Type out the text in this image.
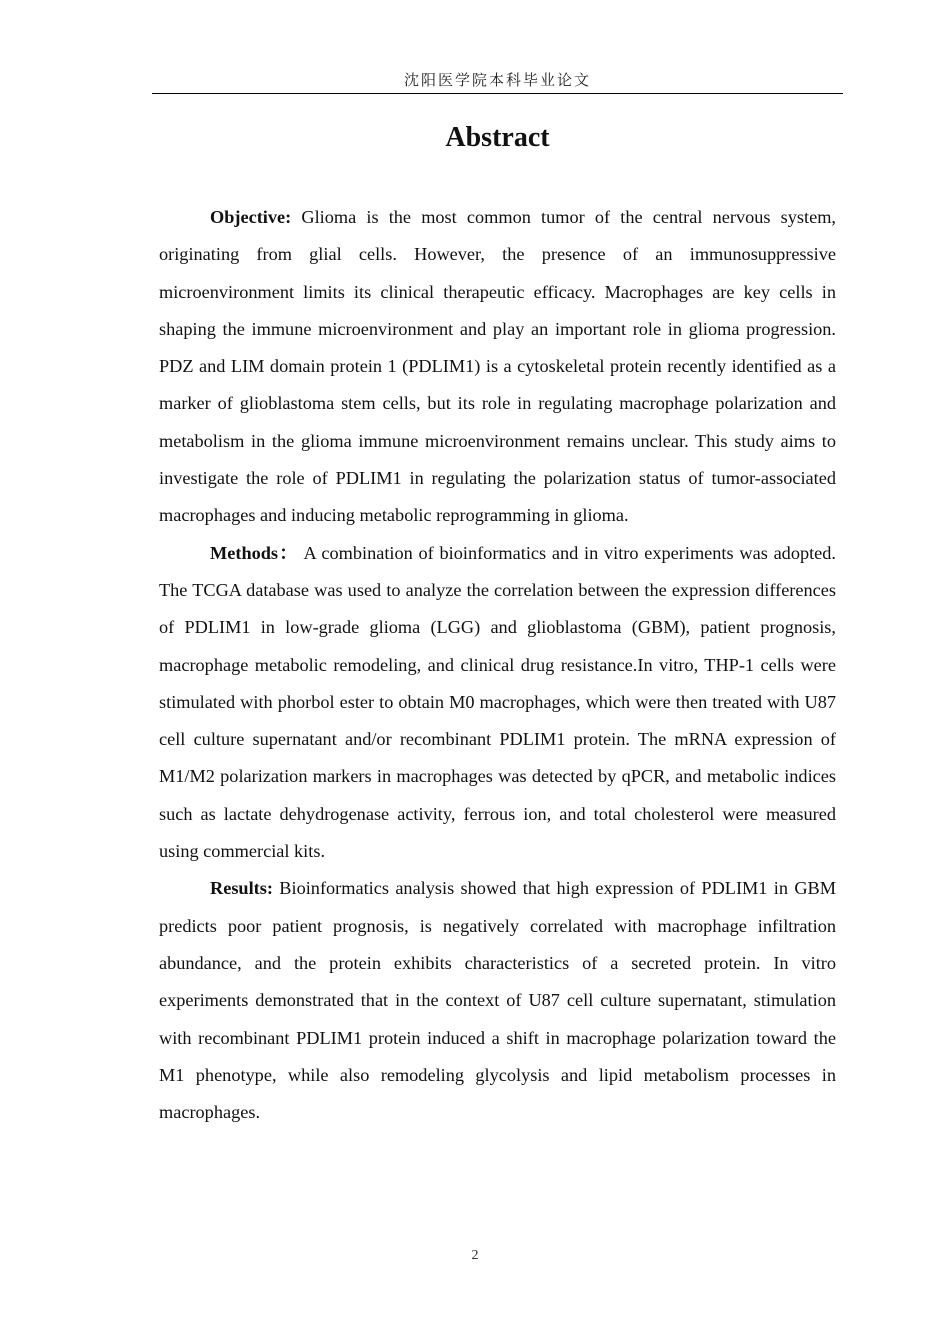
沈阳医学院本科毕业论文
Abstract

Objective: Glioma is the most common tumor of the central nervous system, originating from glial cells. However, the presence of an immunosuppressive microenvironment limits its clinical therapeutic efficacy. Macrophages are key cells in shaping the immune microenvironment and play an important role in glioma progression. PDZ and LIM domain protein 1 (PDLIM1) is a cytoskeletal protein recently identified as a marker of glioblastoma stem cells, but its role in regulating macrophage polarization and metabolism in the glioma immune microenvironment remains unclear. This study aims to investigate the role of PDLIM1 in regulating the polarization status of tumor-associated macrophages and inducing metabolic reprogramming in glioma.

Methods： A combination of bioinformatics and in vitro experiments was adopted. The TCGA database was used to analyze the correlation between the expression differences of PDLIM1 in low-grade glioma (LGG) and glioblastoma (GBM), patient prognosis, macrophage metabolic remodeling, and clinical drug resistance.In vitro, THP-1 cells were stimulated with phorbol ester to obtain M0 macrophages, which were then treated with U87 cell culture supernatant and/or recombinant PDLIM1 protein. The mRNA expression of M1/M2 polarization markers in macrophages was detected by qPCR, and metabolic indices such as lactate dehydrogenase activity, ferrous ion, and total cholesterol were measured using commercial kits.

Results: Bioinformatics analysis showed that high expression of PDLIM1 in GBM predicts poor patient prognosis, is negatively correlated with macrophage infiltration abundance, and the protein exhibits characteristics of a secreted protein. In vitro experiments demonstrated that in the context of U87 cell culture supernatant, stimulation with recombinant PDLIM1 protein induced a shift in macrophage polarization toward the M1 phenotype, while also remodeling glycolysis and lipid metabolism processes in macrophages.

2
